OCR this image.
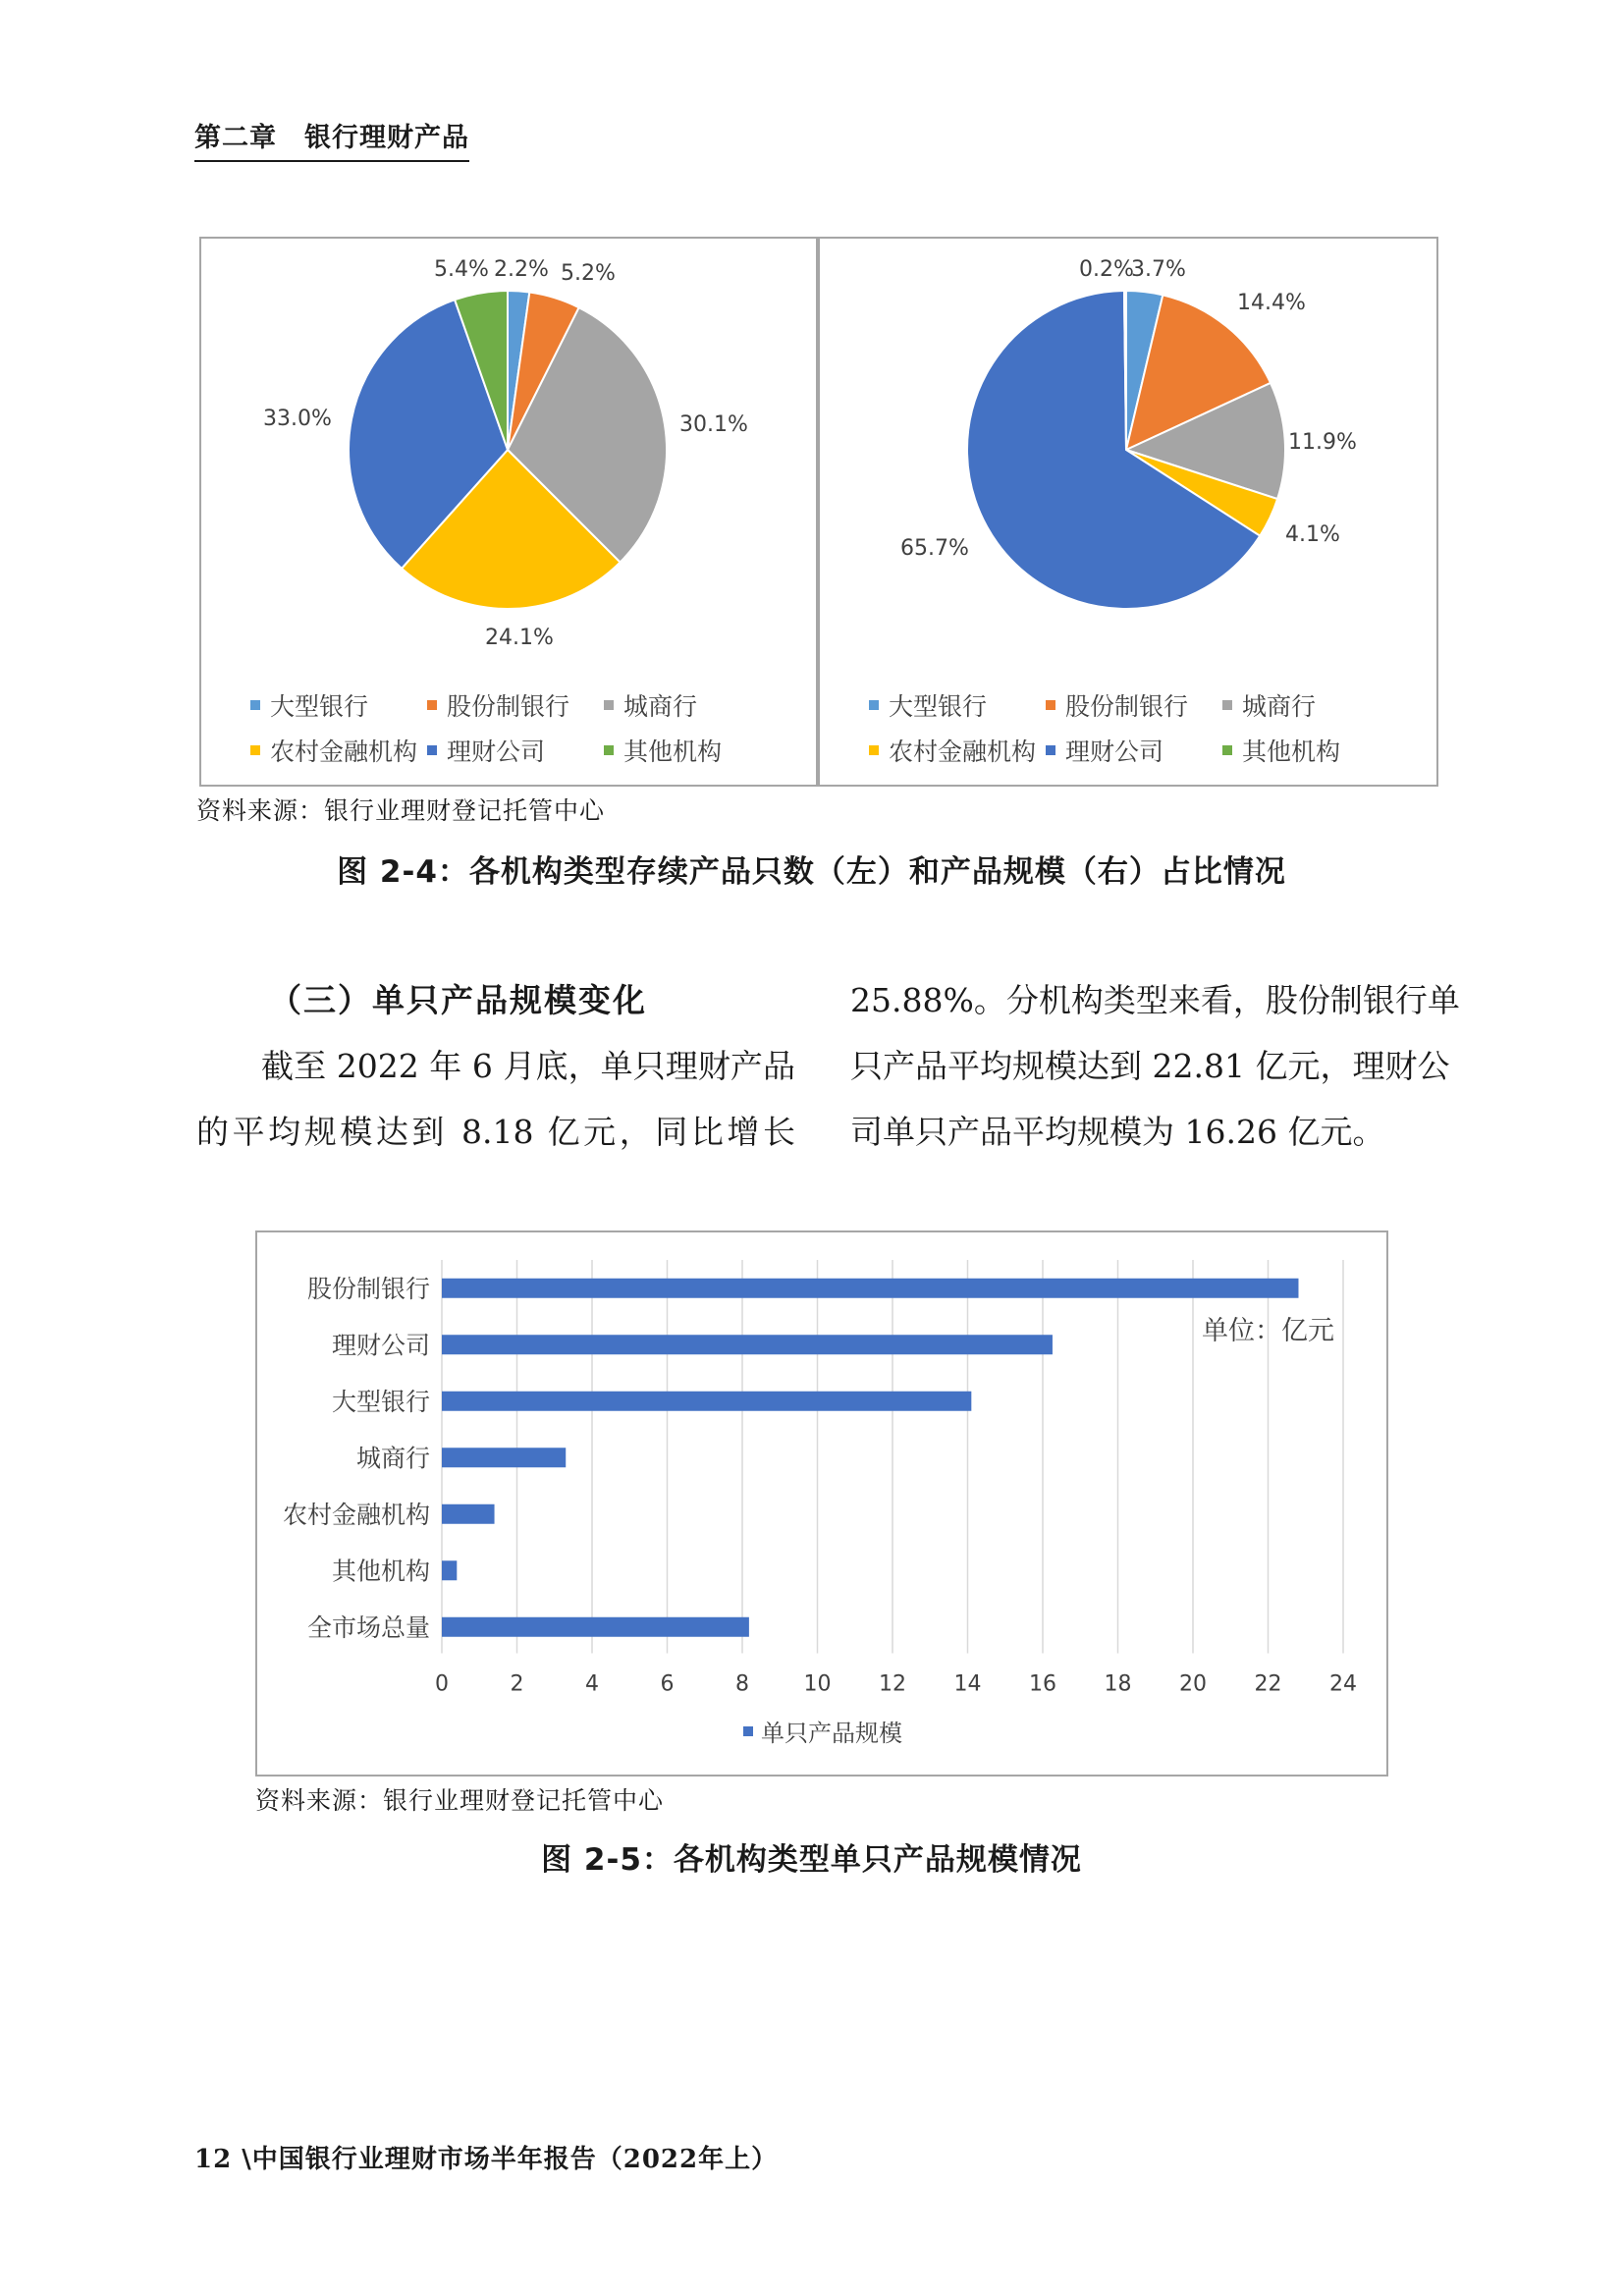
第二章　银行理财产品
2.2% 5.2%
30.1%
24.1%
33.0%
5.4%
大型银行	股份制银行 城商行
农村金融机构 理财公司	其他机构
3.7%
14.4%
11.9%
4.1%
65.7%
0.2%
大型银行	股份制银行 城商行
农村金融机构 理财公司	其他机构
资料来源：银行业理财登记托管中心
图 2-4：各机构类型存续产品只数（左）和产品规模（右）占比情况

（三）单只产品规模变化

截至 2022 年 6 月底，单只理财产品

的平均规模达到 8.18 亿元，同比增长

25.88%。分机构类型来看，股份制银行单

只产品平均规模达到 22.81 亿元，理财公

司单只产品平均规模为 16.26 亿元。

0	2	4	6	8	10 12 14 16 18 20 22 24
股份制银行
理财公司
大型银行
城商行
农村金融机构
其他机构
全市场总量
单位：亿元
单只产品规模
资料来源：银行业理财登记托管中心
图 2-5：各机构类型单只产品规模情况
12 \中国银行业理财市场半年报告（2022年上）
